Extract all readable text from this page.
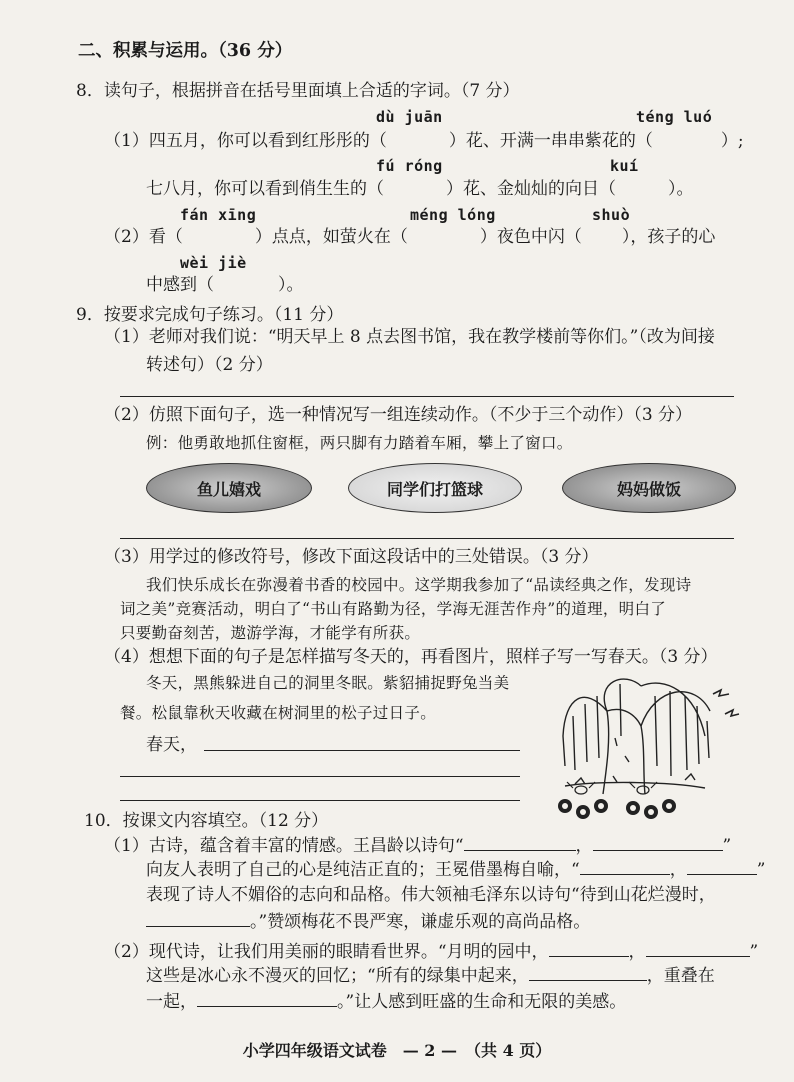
二、积累与运用。（36 分）
8．读句子，根据拼音在括号里面填上合适的字词。（7 分）
dù juān	téng luó
（1）四五月，你可以看到红彤彤的（	）花、开满一串串紫花的（	）;
fú róng	kuí
七八月，你可以看到俏生生的（	）花、金灿灿的向日（	）。
fán xīng	méng lóng	shuò
（2）看（	）点点，如萤火在（	）夜色中闪（ ），孩子的心
wèi jiè
中感到（	）。
9．按要求完成句子练习。（11 分）
（1）老师对我们说：“明天早上 8 点去图书馆，我在教学楼前等你们。”（改为间接
转述句）（2 分）
（2）仿照下面句子，选一种情况写一组连续动作。（不少于三个动作）（3 分）
例：他勇敢地抓住窗框，两只脚有力踏着车厢，攀上了窗口。
鱼儿嬉戏	同学们打篮球	妈妈做饭
（3）用学过的修改符号，修改下面这段话中的三处错误。（3 分）
我们快乐成长在弥漫着书香的校园中。这学期我参加了“品读经典之作，发现诗
词之美”竞赛活动，明白了“书山有路勤为径，学海无涯苦作舟”的道理，明白了
只要勤奋刻苦，遨游学海，才能学有所获。
（4）想想下面的句子是怎样描写冬天的，再看图片，照样子写一写春天。（3 分）
冬天，黑熊躲进自己的洞里冬眠。紫貂捕捉野兔当美
餐。松鼠靠秋天收藏在树洞里的松子过日子。
春天，
10．按课文内容填空。（12 分）
（1）古诗，蕴含着丰富的情感。王昌龄以诗句“	，	”
向友人表明了自己的心是纯洁正直的；王冕借墨梅自喻，“	，	”
表现了诗人不媚俗的志向和品格。伟大领袖毛泽东以诗句“待到山花烂漫时，
。”赞颂梅花不畏严寒，谦虚乐观的高尚品格。
（2）现代诗，让我们用美丽的眼睛看世界。“月明的园中，	，	”
这些是冰心永不漫灭的回忆；“所有的绿集中起来，	，重叠在
一起，	。”让人感到旺盛的生命和无限的美感。
小学四年级语文试卷　— 2 —　（共 4 页）
